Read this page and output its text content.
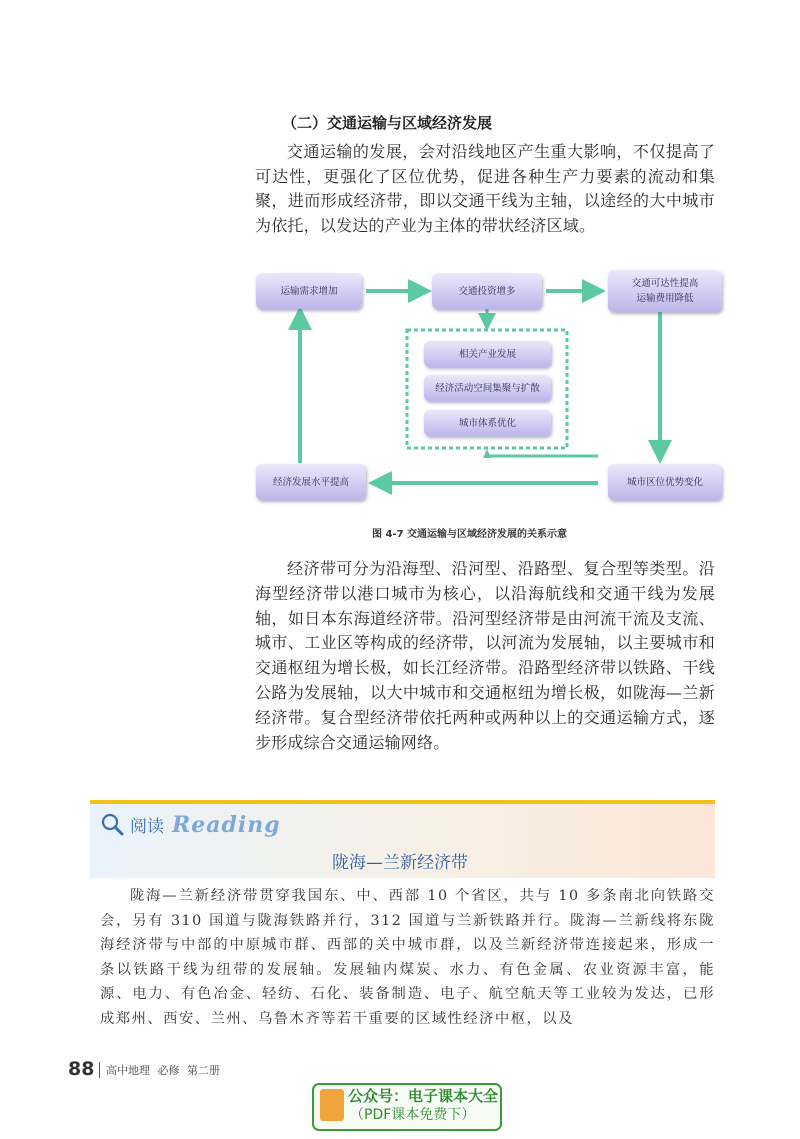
（二）交通运输与区域经济发展
交通运输的发展，会对沿线地区产生重大影响，不仅提高了可达性，更强化了区位优势，促进各种生产力要素的流动和集聚，进而形成经济带，即以交通干线为主轴，以途经的大中城市为依托，以发达的产业为主体的带状经济区域。
运输需求增加	交通投资增多
交通可达性提高
运输费用降低
相关产业发展
经济活动空间集聚与扩散
城市体系优化
经济发展水平提高	城市区位优势变化
图 4-7 交通运输与区域经济发展的关系示意
经济带可分为沿海型、沿河型、沿路型、复合型等类型。沿海型经济带以港口城市为核心，以沿海航线和交通干线为发展轴，如日本东海道经济带。沿河型经济带是由河流干流及支流、城市、工业区等构成的经济带，以河流为发展轴，以主要城市和交通枢纽为增长极，如长江经济带。沿路型经济带以铁路、干线公路为发展轴，以大中城市和交通枢纽为增长极，如陇海—兰新经济带。复合型经济带依托两种或两种以上的交通运输方式，逐步形成综合交通运输网络。
阅读 Reading
陇海—兰新经济带
陇海—兰新经济带贯穿我国东、中、西部 10 个省区，共与 10 多条南北向铁路交会，另有 310 国道与陇海铁路并行，312 国道与兰新铁路并行。陇海—兰新线将东陇海经济带与中部的中原城市群、西部的关中城市群，以及兰新经济带连接起来，形成一条以铁路干线为纽带的发展轴。发展轴内煤炭、水力、有色金属、农业资源丰富，能源、电力、有色冶金、轻纺、石化、装备制造、电子、航空航天等工业较为发达，已形成郑州、西安、兰州、乌鲁木齐等若干重要的区域性经济中枢，以及
88 高中地理 必修 第二册
公众号：电子课本大全
（PDF课本免费下）
